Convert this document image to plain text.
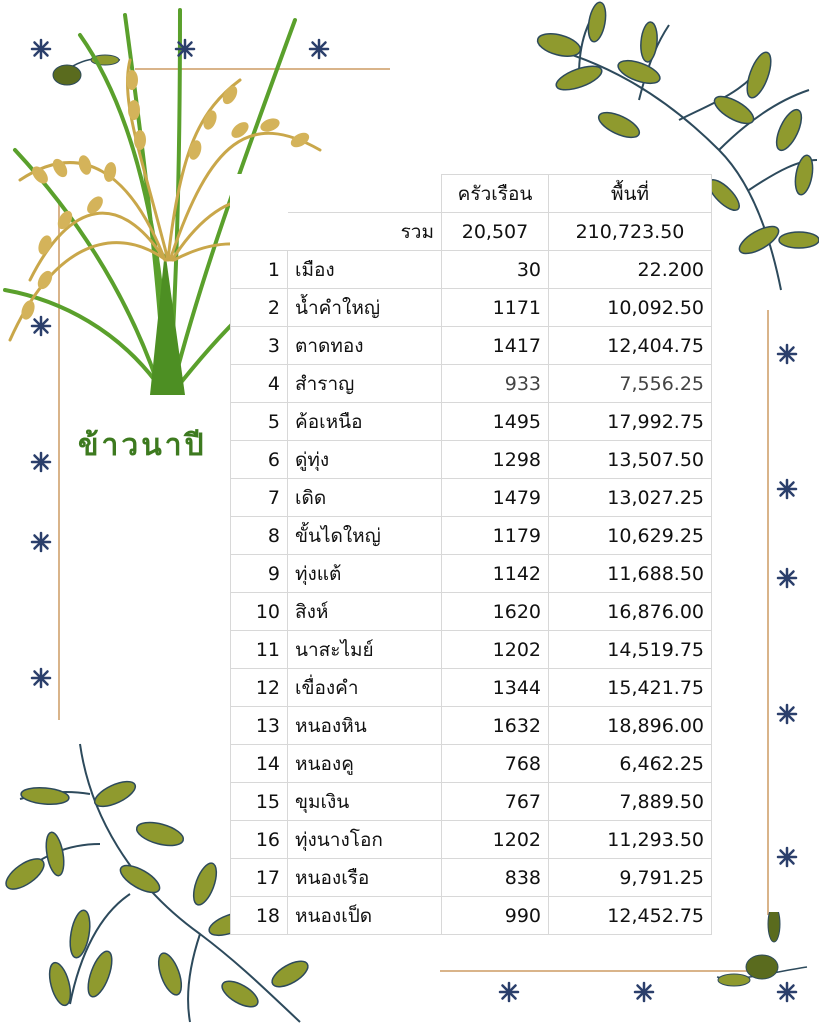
ข้าวนาปี
		ครัวเรือน	พื้นที่
	รวม	20,507	210,723.50
1	เมือง	30	22.200
2	น้ำคำใหญ่	1171	10,092.50
3	ตาดทอง	1417	12,404.75
4	สำราญ	933	7,556.25
5	ค้อเหนือ	1495	17,992.75
6	ดู่ทุ่ง	1298	13,507.50
7	เดิด	1479	13,027.25
8	ขั้นไดใหญ่	1179	10,629.25
9	ทุ่งแต้	1142	11,688.50
10	สิงห์	1620	16,876.00
11	นาสะไมย์	1202	14,519.75
12	เขื่องคำ	1344	15,421.75
13	หนองหิน	1632	18,896.00
14	หนองคู	768	6,462.25
15	ขุมเงิน	767	7,889.50
16	ทุ่งนางโอก	1202	11,293.50
17	หนองเรือ	838	9,791.25
18	หนองเป็ด	990	12,452.75
